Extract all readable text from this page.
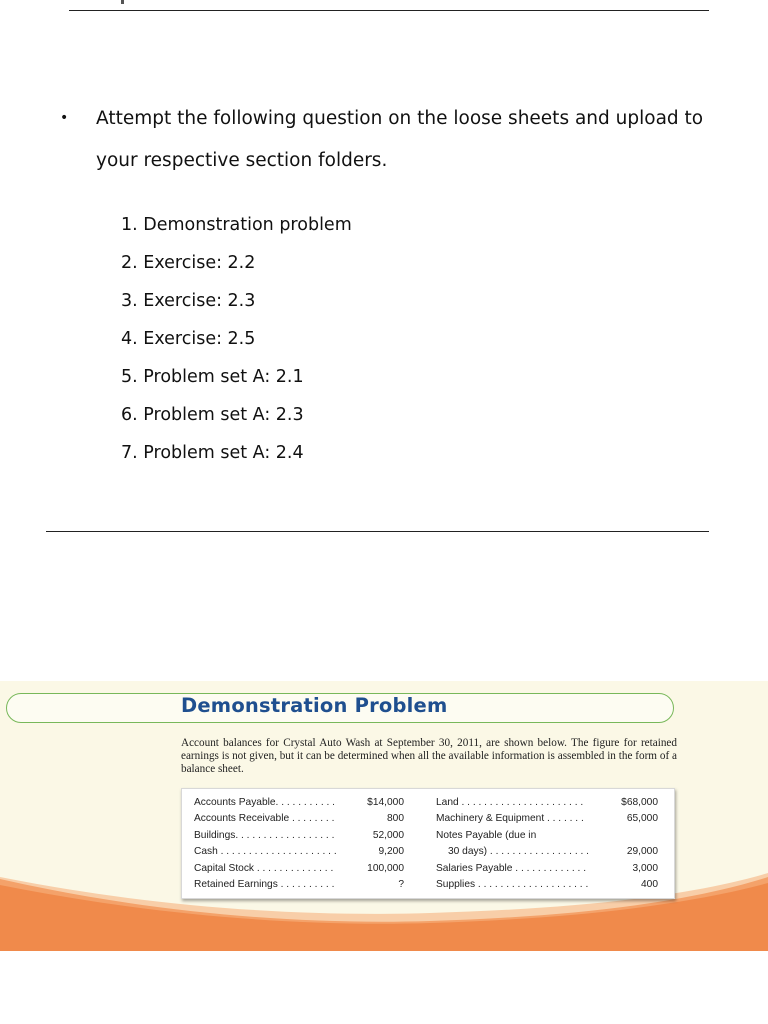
• Attempt the following question on the loose sheets and upload to your respective section folders.
1. Demonstration problem
2. Exercise: 2.2
3. Exercise: 2.3
4. Exercise: 2.5
5. Problem set A: 2.1
6. Problem set A: 2.3
7. Problem set A: 2.4
Demonstration Problem
Account balances for Crystal Auto Wash at September 30, 2011, are shown below. The figure for retained earnings is not given, but it can be determined when all the available information is assembled in the form of a balance sheet.
Accounts Payable. . . . . . . . . . .	$14,000
Accounts Receivable . . . . . . . .	800
Buildings. . . . . . . . . . . . . . . . . .	52,000
Cash . . . . . . . . . . . . . . . . . . . . .	9,200
Capital Stock . . . . . . . . . . . . . .	100,000
Retained Earnings . . . . . . . . . .	?
Land . . . . . . . . . . . . . . . . . . . . . .	$68,000
Machinery & Equipment . . . . . . .	65,000
Notes Payable (due in
30 days) . . . . . . . . . . . . . . . . . .	29,000
Salaries Payable . . . . . . . . . . . . .	3,000
Supplies . . . . . . . . . . . . . . . . . . . .	400
